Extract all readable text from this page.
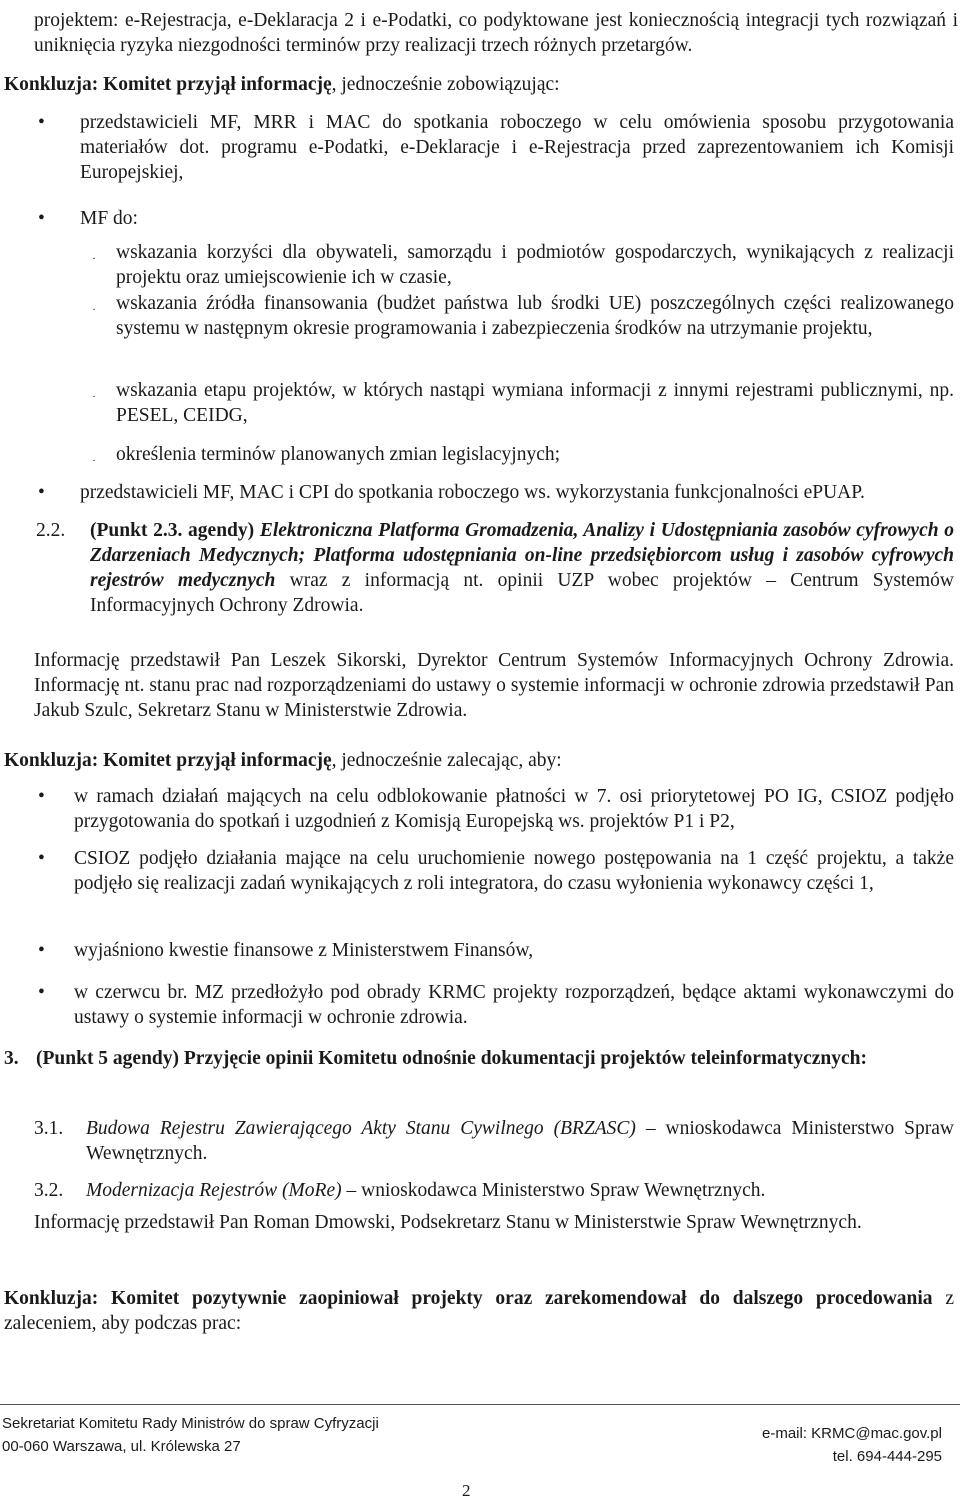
projektem: e-Rejestracja, e-Deklaracja 2 i e-Podatki, co podyktowane jest koniecznością integracji tych rozwiązań i uniknięcia ryzyka niezgodności terminów przy realizacji trzech różnych przetargów.

Konkluzja: Komitet przyjął informację, jednocześnie zobowiązując:

• przedstawicieli MF, MRR i MAC do spotkania roboczego w celu omówienia sposobu przygotowania materiałów dot. programu e-Podatki, e-Deklaracje i e-Rejestracja przed zaprezentowaniem ich Komisji Europejskiej,

• MF do:

· wskazania korzyści dla obywateli, samorządu i podmiotów gospodarczych, wynikających z realizacji projektu oraz umiejscowienie ich w czasie,

· wskazania źródła finansowania (budżet państwa lub środki UE) poszczególnych części realizowanego systemu w następnym okresie programowania i zabezpieczenia środków na utrzymanie projektu,

· wskazania etapu projektów, w których nastąpi wymiana informacji z innymi rejestrami publicznymi, np. PESEL, CEIDG,

· określenia terminów planowanych zmian legislacyjnych;

• przedstawicieli MF, MAC i CPI do spotkania roboczego ws. wykorzystania funkcjonalności ePUAP.

2.2. (Punkt 2.3. agendy) Elektroniczna Platforma Gromadzenia, Analizy i Udostępniania zasobów cyfrowych o Zdarzeniach Medycznych; Platforma udostępniania on-line przedsiębiorcom usług i zasobów cyfrowych rejestrów medycznych wraz z informacją nt. opinii UZP wobec projektów – Centrum Systemów Informacyjnych Ochrony Zdrowia.

Informację przedstawił Pan Leszek Sikorski, Dyrektor Centrum Systemów Informacyjnych Ochrony Zdrowia. Informację nt. stanu prac nad rozporządzeniami do ustawy o systemie informacji w ochronie zdrowia przedstawił Pan Jakub Szulc, Sekretarz Stanu w Ministerstwie Zdrowia.

Konkluzja: Komitet przyjął informację, jednocześnie zalecając, aby:

• w ramach działań mających na celu odblokowanie płatności w 7. osi priorytetowej PO IG, CSIOZ podjęło przygotowania do spotkań i uzgodnień z Komisją Europejską ws. projektów P1 i P2,

• CSIOZ podjęło działania mające na celu uruchomienie nowego postępowania na 1 część projektu, a także podjęło się realizacji zadań wynikających z roli integratora, do czasu wyłonienia wykonawcy części 1,

• wyjaśniono kwestie finansowe z Ministerstwem Finansów,

• w czerwcu br. MZ przedłożyło pod obrady KRMC projekty rozporządzeń, będące aktami wykonawczymi do ustawy o systemie informacji w ochronie zdrowia.

3. (Punkt 5 agendy) Przyjęcie opinii Komitetu odnośnie dokumentacji projektów teleinformatycznych:

3.1. Budowa Rejestru Zawierającego Akty Stanu Cywilnego (BRZASC) – wnioskodawca Ministerstwo Spraw Wewnętrznych.

3.2. Modernizacja Rejestrów (MoRe) – wnioskodawca Ministerstwo Spraw Wewnętrznych.

Informację przedstawił Pan Roman Dmowski, Podsekretarz Stanu w Ministerstwie Spraw Wewnętrznych.

Konkluzja: Komitet pozytywnie zaopiniował projekty oraz zarekomendował do dalszego procedowania z zaleceniem, aby podczas prac:

Sekretariat Komitetu Rady Ministrów do spraw Cyfryzacji
00-060 Warszawa, ul. Królewska 27
e-mail: KRMC@mac.gov.pl
tel. 694-444-295
2
